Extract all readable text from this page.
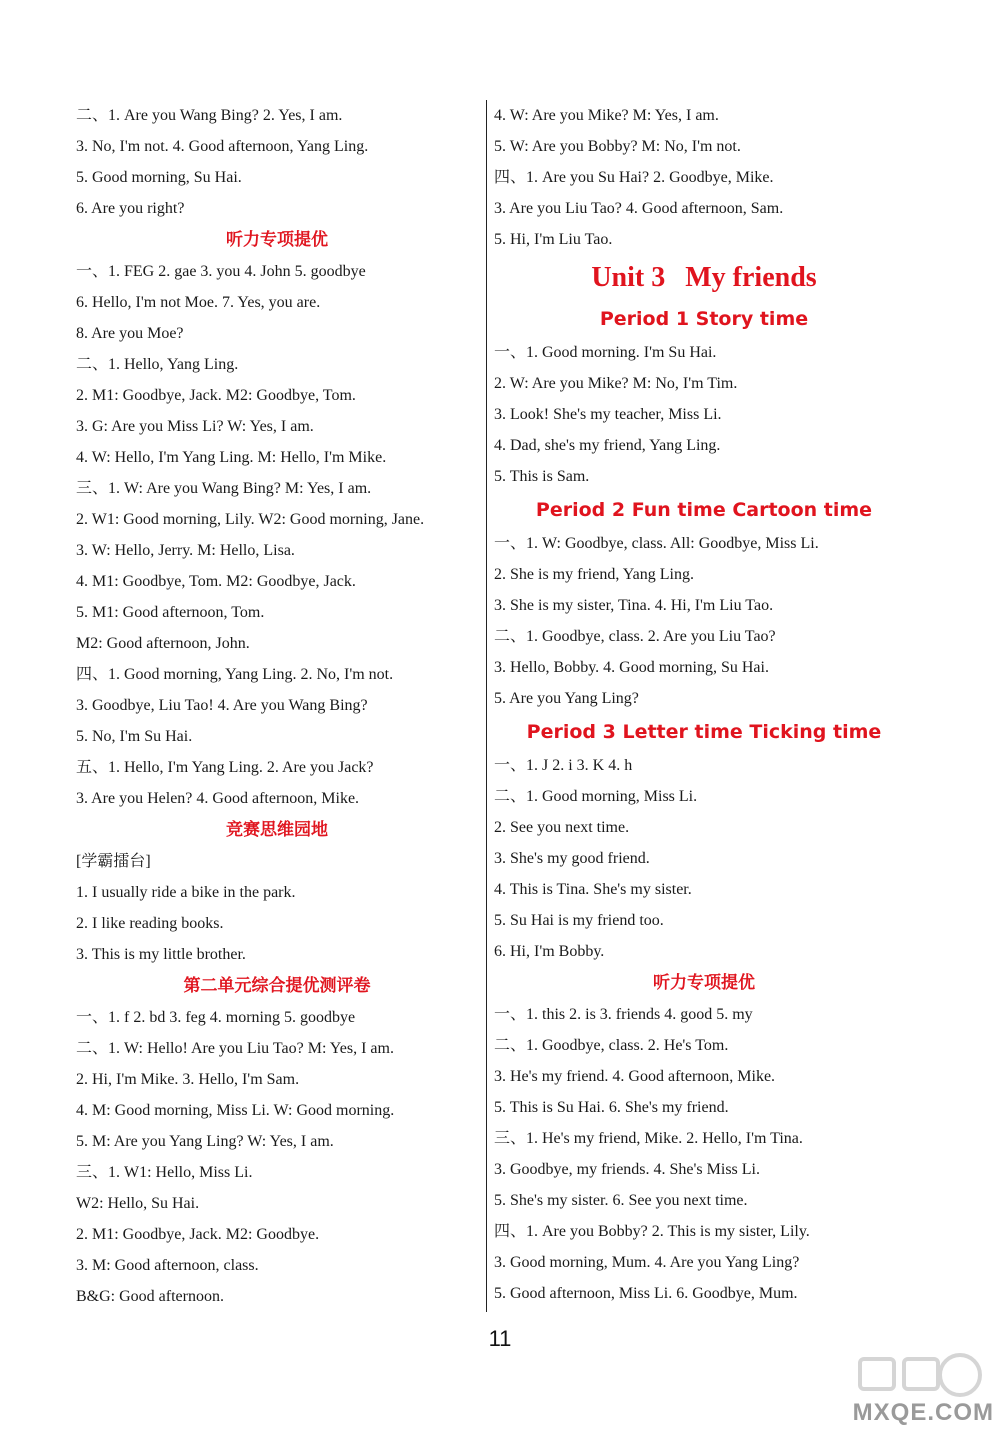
二、1. Are you Wang Bing? 2. Yes, I am.
3. No, I'm not. 4. Good afternoon, Yang Ling.
5. Good morning, Su Hai.
6. Are you right?
听力专项提优
一、1. FEG 2. gae 3. you 4. John 5. goodbye
6. Hello, I'm not Moe. 7. Yes, you are.
8. Are you Moe?
二、1. Hello, Yang Ling.
2. M1: Goodbye, Jack. M2: Goodbye, Tom.
3. G: Are you Miss Li? W: Yes, I am.
4. W: Hello, I'm Yang Ling. M: Hello, I'm Mike.
三、1. W: Are you Wang Bing? M: Yes, I am.
2. W1: Good morning, Lily. W2: Good morning, Jane.
3. W: Hello, Jerry. M: Hello, Lisa.
4. M1: Goodbye, Tom. M2: Goodbye, Jack.
5. M1: Good afternoon, Tom.
M2: Good afternoon, John.
四、1. Good morning, Yang Ling. 2. No, I'm not.
3. Goodbye, Liu Tao! 4. Are you Wang Bing?
5. No, I'm Su Hai.
五、1. Hello, I'm Yang Ling. 2. Are you Jack?
3. Are you Helen? 4. Good afternoon, Mike.
竞赛思维园地
[学霸擂台]
1. I usually ride a bike in the park.
2. I like reading books.
3. This is my little brother.
第二单元综合提优测评卷
一、1. f 2. bd 3. feg 4. morning 5. goodbye
二、1. W: Hello! Are you Liu Tao? M: Yes, I am.
2. Hi, I'm Mike. 3. Hello, I'm Sam.
4. M: Good morning, Miss Li. W: Good morning.
5. M: Are you Yang Ling? W: Yes, I am.
三、1. W1: Hello, Miss Li.
W2: Hello, Su Hai.
2. M1: Goodbye, Jack. M2: Goodbye.
3. M: Good afternoon, class.
B&G: Good afternoon.
4. W: Are you Mike? M: Yes, I am.
5. W: Are you Bobby? M: No, I'm not.
四、1. Are you Su Hai? 2. Goodbye, Mike.
3. Are you Liu Tao? 4. Good afternoon, Sam.
5. Hi, I'm Liu Tao.
Unit 3 My friends
Period 1 Story time
一、1. Good morning. I'm Su Hai.
2. W: Are you Mike? M: No, I'm Tim.
3. Look! She's my teacher, Miss Li.
4. Dad, she's my friend, Yang Ling.
5. This is Sam.
Period 2 Fun time Cartoon time
一、1. W: Goodbye, class. All: Goodbye, Miss Li.
2. She is my friend, Yang Ling.
3. She is my sister, Tina. 4. Hi, I'm Liu Tao.
二、1. Goodbye, class. 2. Are you Liu Tao?
3. Hello, Bobby. 4. Good morning, Su Hai.
5. Are you Yang Ling?
Period 3 Letter time Ticking time
一、1. J 2. i 3. K 4. h
二、1. Good morning, Miss Li.
2. See you next time.
3. She's my good friend.
4. This is Tina. She's my sister.
5. Su Hai is my friend too.
6. Hi, I'm Bobby.
听力专项提优
一、1. this 2. is 3. friends 4. good 5. my
二、1. Goodbye, class. 2. He's Tom.
3. He's my friend. 4. Good afternoon, Mike.
5. This is Su Hai. 6. She's my friend.
三、1. He's my friend, Mike. 2. Hello, I'm Tina.
3. Goodbye, my friends. 4. She's Miss Li.
5. She's my sister. 6. See you next time.
四、1. Are you Bobby? 2. This is my sister, Lily.
3. Good morning, Mum. 4. Are you Yang Ling?
5. Good afternoon, Miss Li. 6. Goodbye, Mum.
11
MXQE.COM
